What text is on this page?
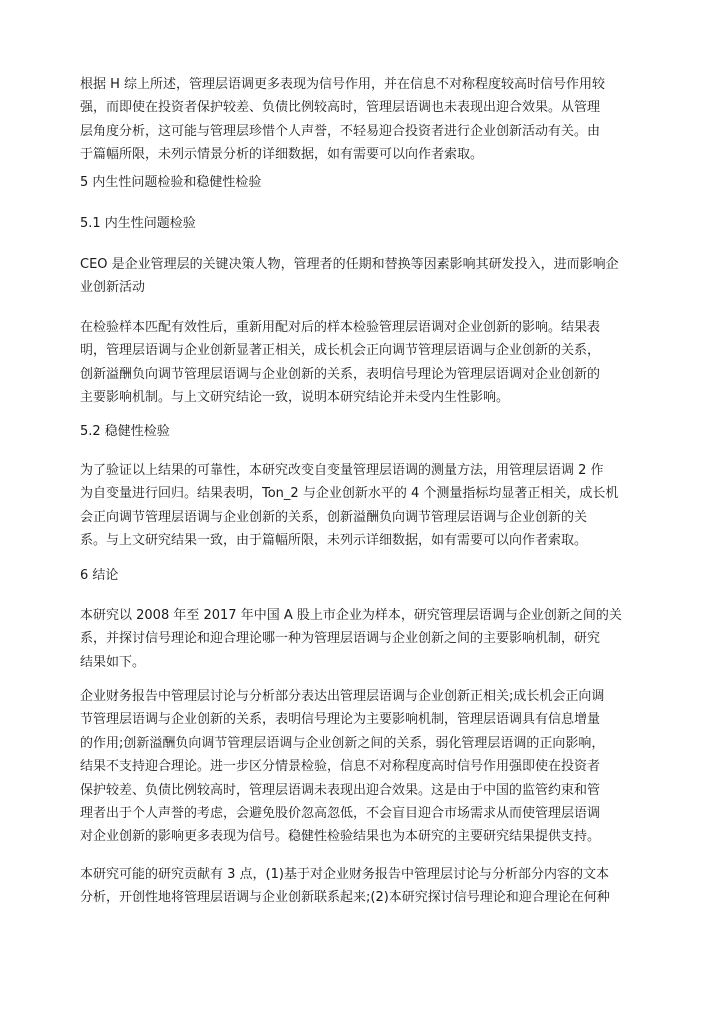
根据 H 综上所述，管理层语调更多表现为信号作用，并在信息不对称程度较高时信号作用较
强，而即使在投资者保护较差、负债比例较高时，管理层语调也未表现出迎合效果。从管理
层角度分析，这可能与管理层珍惜个人声誉，不轻易迎合投资者进行企业创新活动有关。由
于篇幅所限，未列示情景分析的详细数据，如有需要可以向作者索取。

5 内生性问题检验和稳健性检验
5.1 内生性问题检验

CEO 是企业管理层的关键决策人物，管理者的任期和替换等因素影响其研发投入，进而影响企
业创新活动

在检验样本匹配有效性后，重新用配对后的样本检验管理层语调对企业创新的影响。结果表
明，管理层语调与企业创新显著正相关，成长机会正向调节管理层语调与企业创新的关系，
创新溢酬负向调节管理层语调与企业创新的关系，表明信号理论为管理层语调对企业创新的
主要影响机制。与上文研究结论一致，说明本研究结论并未受内生性影响。

5.2 稳健性检验

为了验证以上结果的可靠性，本研究改变自变量管理层语调的测量方法，用管理层语调 2 作
为自变量进行回归。结果表明，Ton_2 与企业创新水平的 4 个测量指标均显著正相关，成长机
会正向调节管理层语调与企业创新的关系，创新溢酬负向调节管理层语调与企业创新的关
系。与上文研究结果一致，由于篇幅所限，未列示详细数据，如有需要可以向作者索取。

6 结论

本研究以 2008 年至 2017 年中国 A 股上市企业为样本，研究管理层语调与企业创新之间的关
系，并探讨信号理论和迎合理论哪一种为管理层语调与企业创新之间的主要影响机制，研究
结果如下。

企业财务报告中管理层讨论与分析部分表达出管理层语调与企业创新正相关;成长机会正向调
节管理层语调与企业创新的关系，表明信号理论为主要影响机制，管理层语调具有信息增量
的作用;创新溢酬负向调节管理层语调与企业创新之间的关系，弱化管理层语调的正向影响，
结果不支持迎合理论。进一步区分情景检验，信息不对称程度高时信号作用强即使在投资者
保护较差、负债比例较高时，管理层语调未表现出迎合效果。这是由于中国的监管约束和管
理者出于个人声誉的考虑，会避免股价忽高忽低，不会盲目迎合市场需求从而使管理层语调
对企业创新的影响更多表现为信号。稳健性检验结果也为本研究的主要研究结果提供支持。

本研究可能的研究贡献有 3 点，(1)基于对企业财务报告中管理层讨论与分析部分内容的文本
分析，开创性地将管理层语调与企业创新联系起来;(2)本研究探讨信号理论和迎合理论在何种
